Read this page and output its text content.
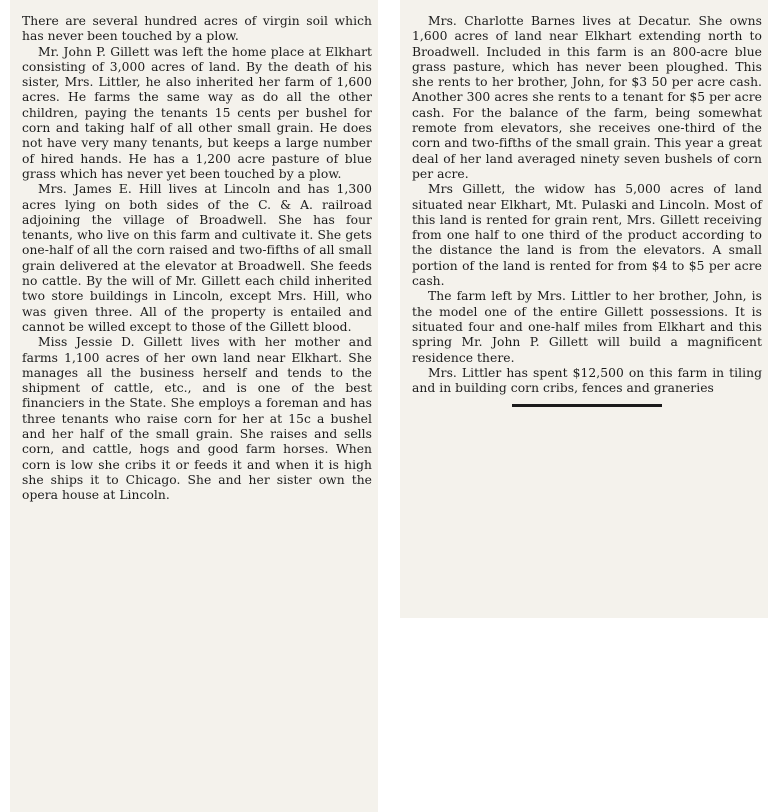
There are several hundred acres of virgin soil which has never been touched by a plow.

Mr. John P. Gillett was left the home place at Elkhart consisting of 3,000 acres of land. By the death of his sister, Mrs. Littler, he also inherited her farm of 1,600 acres. He farms the same way as do all the other children, paying the tenants 15 cents per bushel for corn and taking half of all other small grain. He does not have very many tenants, but keeps a large number of hired hands. He has a 1,200 acre pasture of blue grass which has never yet been touched by a plow.

Mrs. James E. Hill lives at Lincoln and has 1,300 acres lying on both sides of the C. & A. railroad adjoining the village of Broadwell. She has four tenants, who live on this farm and cultivate it. She gets one-half of all the corn raised and two-fifths of all small grain delivered at the elevator at Broadwell. She feeds no cattle. By the will of Mr. Gillett each child inherited two store buildings in Lincoln, except Mrs. Hill, who was given three. All of the property is entailed and cannot be willed except to those of the Gillett blood.

Miss Jessie D. Gillett lives with her mother and farms 1,100 acres of her own land near Elkhart. She manages all the business herself and tends to the shipment of cattle, etc., and is one of the best financiers in the State. She employs a foreman and has three tenants who raise corn for her at 15c a bushel and her half of the small grain. She raises and sells corn, and cattle, hogs and good farm horses. When corn is low she cribs it or feeds it and when it is high she ships it to Chicago. She and her sister own the opera house at Lincoln.

Mrs. Charlotte Barnes lives at Decatur. She owns 1,600 acres of land near Elkhart extending north to Broadwell. Included in this farm is an 800-acre blue grass pasture, which has never been ploughed. This she rents to her brother, John, for $3 50 per acre cash. Another 300 acres she rents to a tenant for $5 per acre cash. For the balance of the farm, being somewhat remote from elevators, she receives one-third of the corn and two-fifths of the small grain. This year a great deal of her land averaged ninety seven bushels of corn per acre.

Mrs Gillett, the widow has 5,000 acres of land situated near Elkhart, Mt. Pulaski and Lincoln. Most of this land is rented for grain rent, Mrs. Gillett receiving from one half to one third of the product according to the distance the land is from the elevators. A small portion of the land is rented for from $4 to $5 per acre cash.

The farm left by Mrs. Littler to her brother, John, is the model one of the entire Gillett possessions. It is situated four and one-half miles from Elkhart and this spring Mr. John P. Gillett will build a magnificent residence there.

Mrs. Littler has spent $12,500 on this farm in tiling and in building corn cribs, fences and graneries
